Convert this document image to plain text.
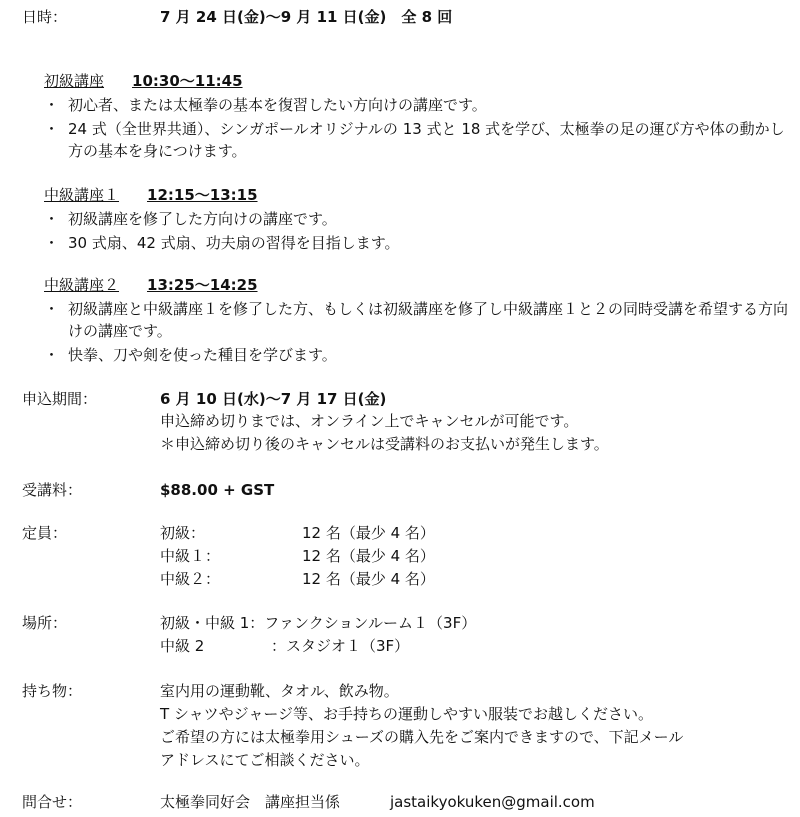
日時：	7 月 24 日(金)～9 月 11 日(金)　全 8 回
初級講座 10:30～11:45
・ 初心者、または太極拳の基本を復習したい方向けの講座です。
・ 24 式（全世界共通）、シンガポールオリジナルの 13 式と 18 式を学び、太極拳の足の運び方や体の動かし方の基本を身につけます。
中級講座１ 12:15～13:15
・ 初級講座を修了した方向けの講座です。
・ 30 式扇、42 式扇、功夫扇の習得を目指します。
中級講座２ 13:25～14:25
・ 初級講座と中級講座１を修了した方、もしくは初級講座を修了し中級講座１と２の同時受講を希望する方向けの講座です。
・ 快拳、刀や剣を使った種目を学びます。
申込期間：	6 月 10 日(水)～7 月 17 日(金)
申込締め切りまでは、オンライン上でキャンセルが可能です。
＊申込締め切り後のキャンセルは受講料のお支払いが発生します。
受講料：	$88.00 + GST
定員：	初級：	12 名（最少 4 名）
中級１：	12 名（最少 4 名）
中級２：	12 名（最少 4 名）
場所：	初級・中級 1：ファンクションルーム１（3F）
中級 2	：スタジオ１（3F）
持ち物：	室内用の運動靴、タオル、飲み物。
T シャツやジャージ等、お手持ちの運動しやすい服装でお越しください。
ご希望の方には太極拳用シューズの購入先をご案内できますので、下記メール
アドレスにてご相談ください。
問合せ：	太極拳同好会　講座担当係	jastaikyokuken@gmail.com
